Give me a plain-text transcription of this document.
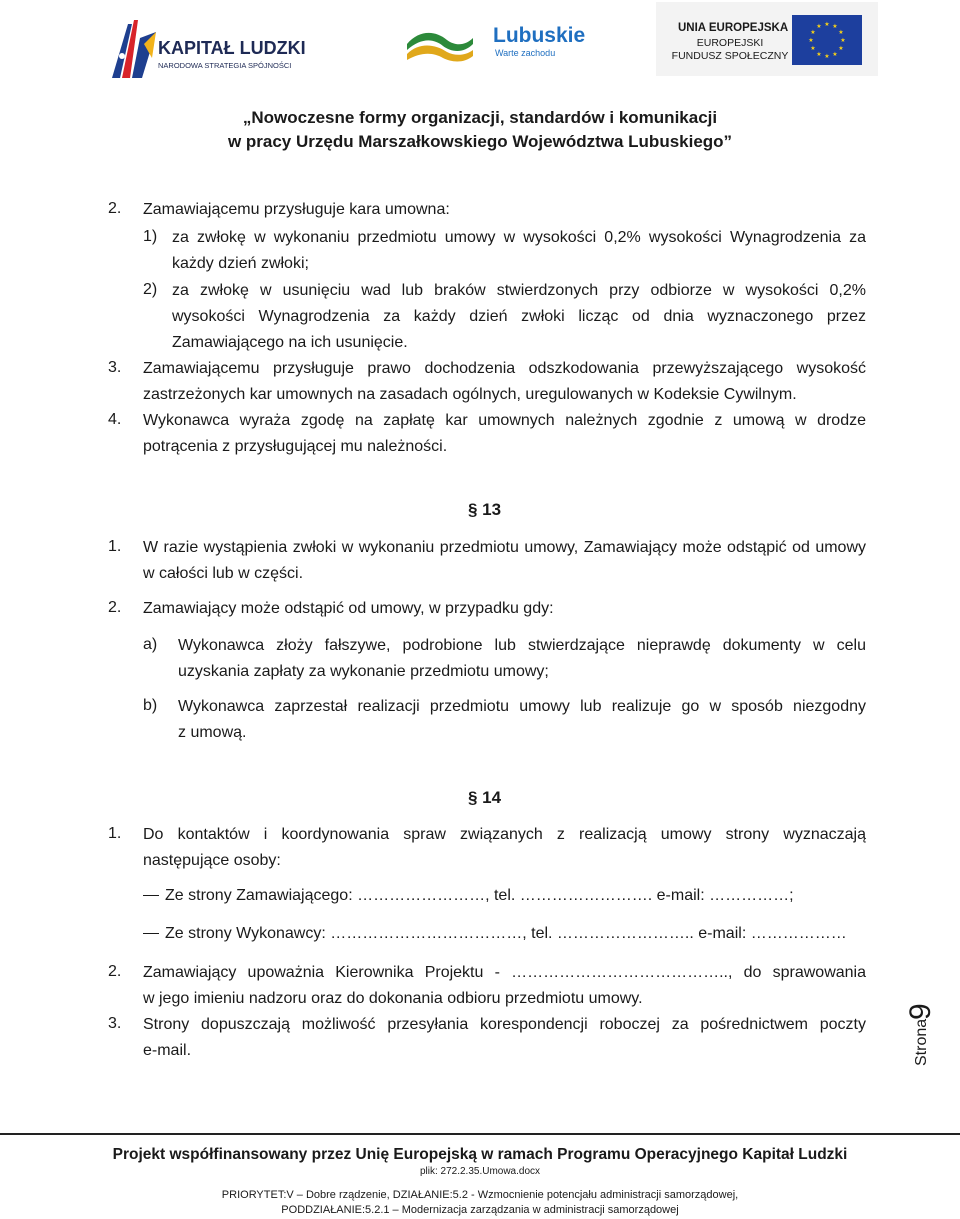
KAPITAŁ LUDZKI
NARODOWA STRATEGIA SPÓJNOŚCI
Lubuskie
Warte zachodu
UNIA EUROPEJSKA
EUROPEJSKI
FUNDUSZ SPOŁECZNY
★ ★
★
★
★
★
★
★
★
★
★
★
„Nowoczesne formy organizacji, standardów i komunikacji
w pracy Urzędu Marszałkowskiego Województwa Lubuskiego”
2. Zamawiającemu przysługuje kara umowna:
1) za zwłokę w wykonaniu przedmiotu umowy w wysokości 0,2% wysokości Wynagrodzenia za
każdy dzień zwłoki;
2) za zwłokę w usunięciu wad lub braków stwierdzonych przy odbiorze w wysokości 0,2%
wysokości Wynagrodzenia za każdy dzień zwłoki licząc od dnia wyznaczonego przez
Zamawiającego na ich usunięcie.
3. Zamawiającemu przysługuje prawo dochodzenia odszkodowania przewyższającego wysokość
zastrzeżonych kar umownych na zasadach ogólnych, uregulowanych w Kodeksie Cywilnym.
4. Wykonawca wyraża zgodę na zapłatę kar umownych należnych zgodnie z umową w drodze
potrącenia z przysługującej mu należności.
§ 13
1. W razie wystąpienia zwłoki w wykonaniu przedmiotu umowy, Zamawiający może odstąpić od umowy
w całości lub w części.
2. Zamawiający może odstąpić od umowy, w przypadku gdy:
a) Wykonawca złoży fałszywe, podrobione lub stwierdzające nieprawdę dokumenty w celu
uzyskania zapłaty za wykonanie przedmiotu umowy;
b) Wykonawca zaprzestał realizacji przedmiotu umowy lub realizuje go w sposób niezgodny
z umową.
§ 14
1. Do kontaktów i koordynowania spraw związanych z realizacją umowy strony wyznaczają
następujące osoby:
Ze strony Zamawiającego: ……………………, tel. ……………………. e-mail: ……………;
Ze strony Wykonawcy: ………………………………, tel. …………………….. e-mail: ………………
2. Zamawiający upoważnia Kierownika Projektu - ………………………………….., do sprawowania
w jego imieniu nadzoru oraz do dokonania odbioru przedmiotu umowy.
3. Strony dopuszczają możliwość przesyłania korespondencji roboczej za pośrednictwem poczty
e-mail.	Strona
9
Projekt współfinansowany przez Unię Europejską w ramach Programu Operacyjnego Kapitał Ludzki
plik: 272.2.35.Umowa.docx
PRIORYTET:V – Dobre rządzenie, DZIAŁANIE:5.2 - Wzmocnienie potencjału administracji samorządowej,
PODDZIAŁANIE:5.2.1 – Modernizacja zarządzania w administracji samorządowej
